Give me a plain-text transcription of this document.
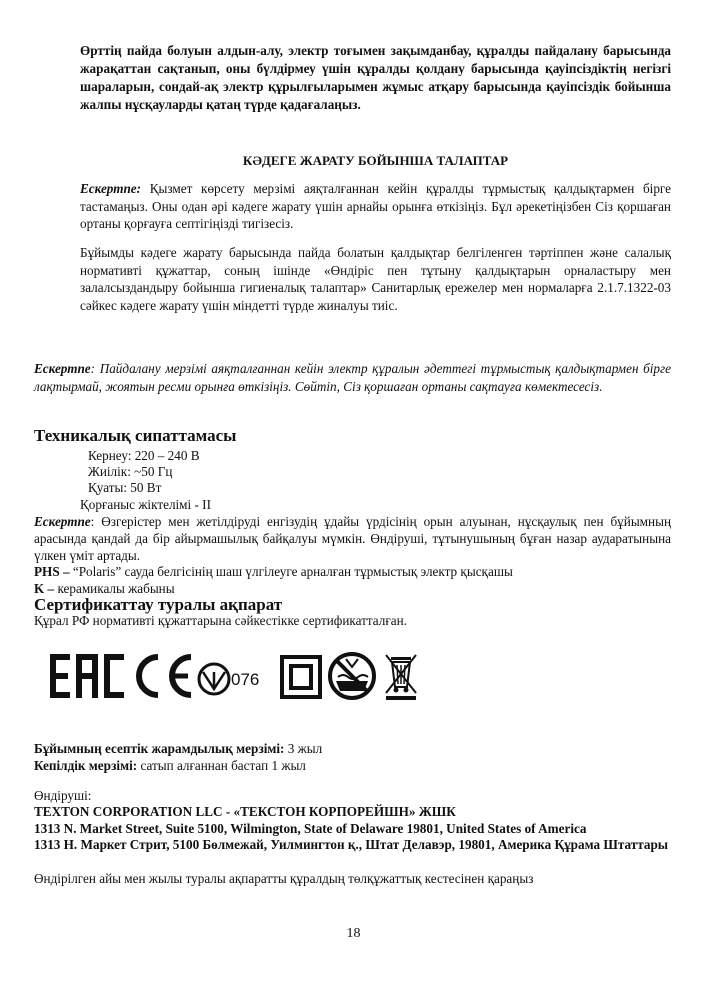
Өрттің пайда болуын алдын-алу, электр тоғымен зақымданбау, құралды пайдалану барысында жарақаттан сақтанып, оны бүлдірмеу үшін құралды қолдану барысында қауіпсіздіктің негізгі шараларын, сондай-ақ электр құрылғыларымен жұмыс атқару барысында қауіпсіздік бойынша жалпы нұсқауларды қатаң түрде қадағалаңыз.

КӘДЕГЕ ЖАРАТУ БОЙЫНША ТАЛАПТАР

Ескертпе: Қызмет көрсету мерзімі аяқталғаннан кейін құралды тұрмыстық қалдықтармен бірге тастамаңыз. Оны одан әрі кәдеге жарату үшін арнайы орынға өткізіңіз. Бұл әрекетіңізбен Сіз қоршаған ортаны қорғауға септігіңізді тигізесіз.

Бұйымды кәдеге жарату барысында пайда болатын қалдықтар белгіленген тәртіппен және салалық нормативті құжаттар, соның ішінде «Өндіріс пен тұтыну қалдықтарын орналастыру мен залалсыздандыру бойынша гигиеналық талаптар» Санитарлық ережелер мен нормаларға 2.1.7.1322-03 сәйкес кәдеге жарату үшін міндетті түрде жиналуы тиіс.

Ескертпе: Пайдалану мерзімі аяқталғаннан кейін электр құралын әдеттегі тұрмыстық қалдықтармен бірге лақтырмай, жоятын ресми орынға өткізіңіз. Сөйтіп, Сіз қоршаған ортаны сақтауға көмектесесіз.

Техникалық сипаттамасы
Кернеу: 220 – 240 В
Жиілік: ~50 Гц
Қуаты: 50 Вт
Қорғаныс жіктелімі - II

Ескертпе: Өзгерістер мен жетілдіруді енгізудің ұдайы үрдісінің орын алуынан, нұсқаулық пен бұйымның арасында қандай да бір айырмашылық байқалуы мүмкін. Өндіруші, тұтынушының бұған назар аударатынына үлкен үміт артады.

PHS – “Polaris” сауда белгісінің шаш үлгілеуге арналған тұрмыстық электр қысқашы

K – керамикалы жабыны

Сертификаттау туралы ақпарат

Құрал РФ нормативті құжаттарына сәйкестікке сертификатталған.

076

Бұйымның есептік жарамдылық мерзімі: 3 жыл

Кепілдік мерзімі: сатып алғаннан бастап 1 жыл

Өндіруші:

TEXTON CORPORATION LLC - «ТЕКСТОН КОРПОРЕЙШН» ЖШК

1313 N. Market Street, Suite 5100, Wilmington, State of Delaware 19801, United States of America

1313 Н. Маркет Стрит, 5100 Бөлмежай, Уилмингтон қ., Штат Делавэр, 19801, Америка Құрама Штаттары

Өндірілген айы мен жылы туралы ақпаратты құралдың төлқұжаттық кестесінен қараңыз

18
